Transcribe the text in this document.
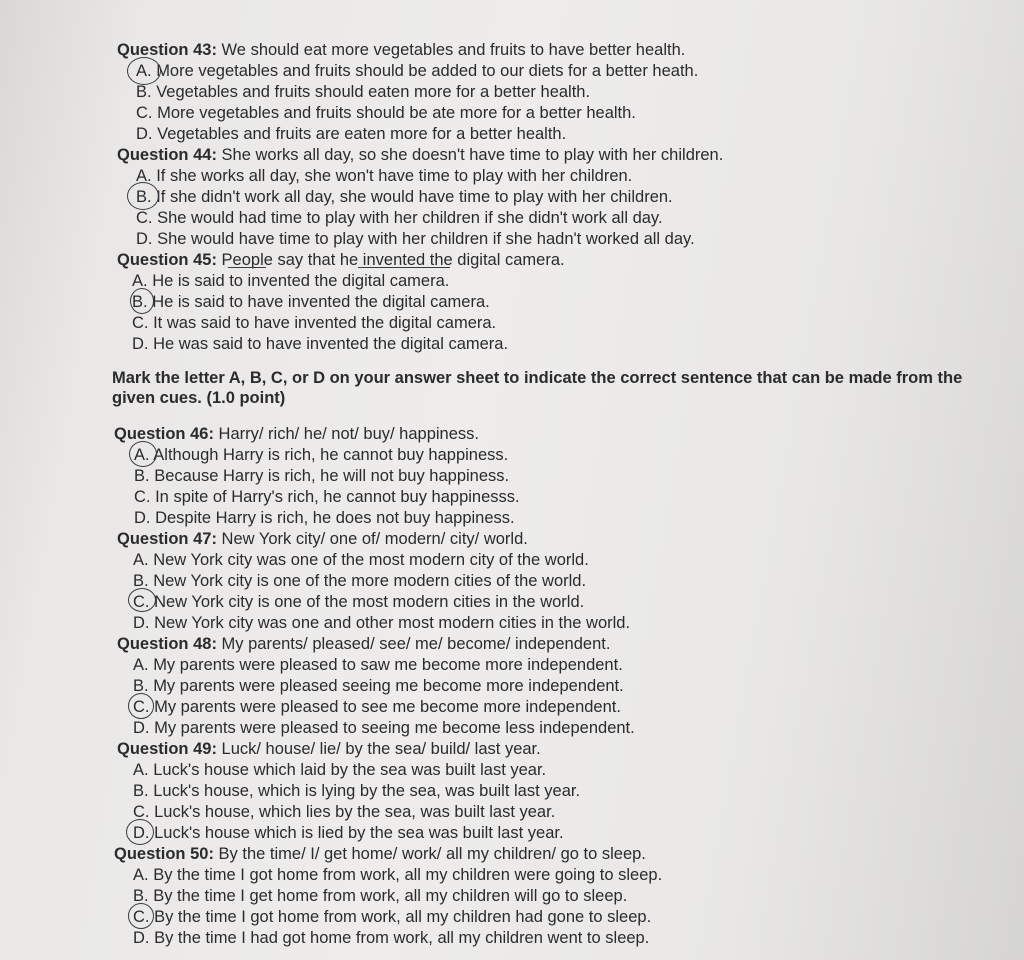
Question 43: We should eat more vegetables and fruits to have better health.
A. More vegetables and fruits should be added to our diets for a better heath.
B. Vegetables and fruits should eaten more for a better health.
C. More vegetables and fruits should be ate more for a better health.
D. Vegetables and fruits are eaten more for a better health.
Question 44: She works all day, so she doesn't have time to play with her children.
A. If she works all day, she won't have time to play with her children.
B. If she didn't work all day, she would have time to play with her children.
C. She would had time to play with her children if she didn't work all day.
D. She would have time to play with her children if she hadn't worked all day.
Question 45: People say that he invented the digital camera.
A. He is said to invented the digital camera.
B. He is said to have invented the digital camera.
C. It was said to have invented the digital camera.
D. He was said to have invented the digital camera.
Mark the letter A, B, C, or D on your answer sheet to indicate the correct sentence that can be made from the given cues. (1.0 point)
Question 46: Harry/ rich/ he/ not/ buy/ happiness.
A. Although Harry is rich, he cannot buy happiness.
B. Because Harry is rich, he will not buy happiness.
C. In spite of Harry's rich, he cannot buy happinesss.
D. Despite Harry is rich, he does not buy happiness.
Question 47: New York city/ one of/ modern/ city/ world.
A. New York city was one of the most modern city of the world.
B. New York city is one of the more modern cities of the world.
C. New York city is one of the most modern cities in the world.
D. New York city was one and other most modern cities in the world.
Question 48: My parents/ pleased/ see/ me/ become/ independent.
A. My parents were pleased to saw me become more independent.
B. My parents were pleased seeing me become more independent.
C. My parents were pleased to see me become more independent.
D. My parents were pleased to seeing me become less independent.
Question 49: Luck/ house/ lie/ by the sea/ build/ last year.
A. Luck's house which laid by the sea was built last year.
B. Luck's house, which is lying by the sea, was built last year.
C. Luck's house, which lies by the sea, was built last year.
D. Luck's house which is lied by the sea was built last year.
Question 50: By the time/ I/ get home/ work/ all my children/ go to sleep.
A. By the time I got home from work, all my children were going to sleep.
B. By the time I get home from work, all my children will go to sleep.
C. By the time I got home from work, all my children had gone to sleep.
D. By the time I had got home from work, all my children went to sleep.
